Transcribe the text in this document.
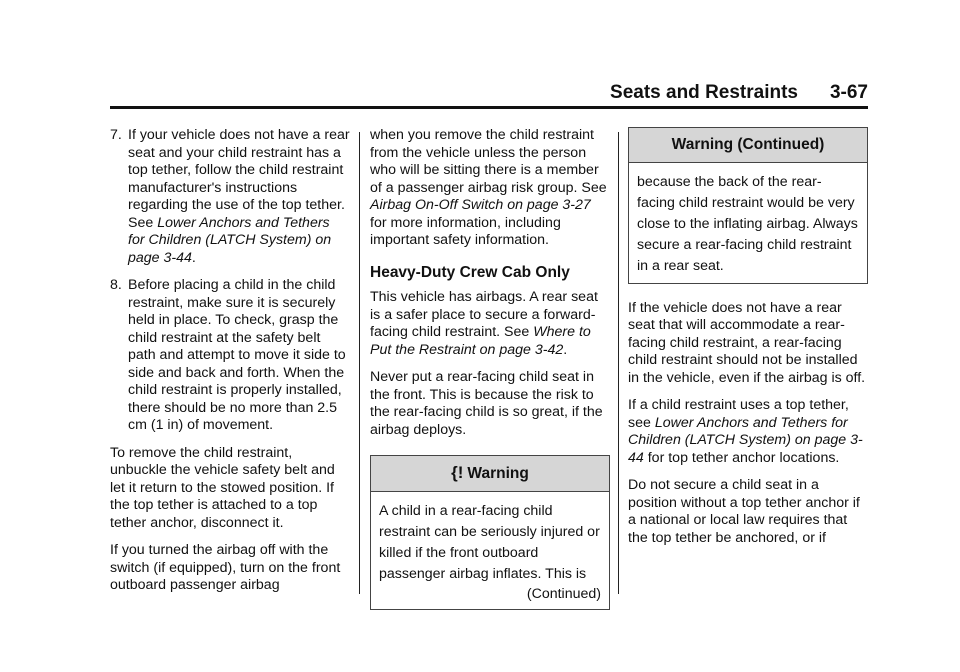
Seats and Restraints 3-67
7. If your vehicle does not have a rear seat and your child restraint has a top tether, follow the child restraint manufacturer's instructions regarding the use of the top tether. See Lower Anchors and Tethers for Children (LATCH System) on page 3-44.
8. Before placing a child in the child restraint, make sure it is securely held in place. To check, grasp the child restraint at the safety belt path and attempt to move it side to side and back and forth. When the child restraint is properly installed, there should be no more than 2.5 cm (1 in) of movement.

To remove the child restraint, unbuckle the vehicle safety belt and let it return to the stowed position. If the top tether is attached to a top tether anchor, disconnect it.

If you turned the airbag off with the switch (if equipped), turn on the front outboard passenger airbag

when you remove the child restraint from the vehicle unless the person who will be sitting there is a member of a passenger airbag risk group. See Airbag On-Off Switch on page 3-27 for more information, including important safety information.

Heavy-Duty Crew Cab Only

This vehicle has airbags. A rear seat is a safer place to secure a forward-facing child restraint. See Where to Put the Restraint on page 3-42.

Never put a rear-facing child seat in the front. This is because the risk to the rear-facing child is so great, if the airbag deploys.

{! Warning
A child in a rear-facing child restraint can be seriously injured or killed if the front outboard passenger airbag inflates. This is
(Continued)
Warning (Continued)
because the back of the rear-facing child restraint would be very close to the inflating airbag. Always secure a rear-facing child restraint in a rear seat.

If the vehicle does not have a rear seat that will accommodate a rear-facing child restraint, a rear-facing child restraint should not be installed in the vehicle, even if the airbag is off.

If a child restraint uses a top tether, see Lower Anchors and Tethers for Children (LATCH System) on page 3-44 for top tether anchor locations.

Do not secure a child seat in a position without a top tether anchor if a national or local law requires that the top tether be anchored, or if
